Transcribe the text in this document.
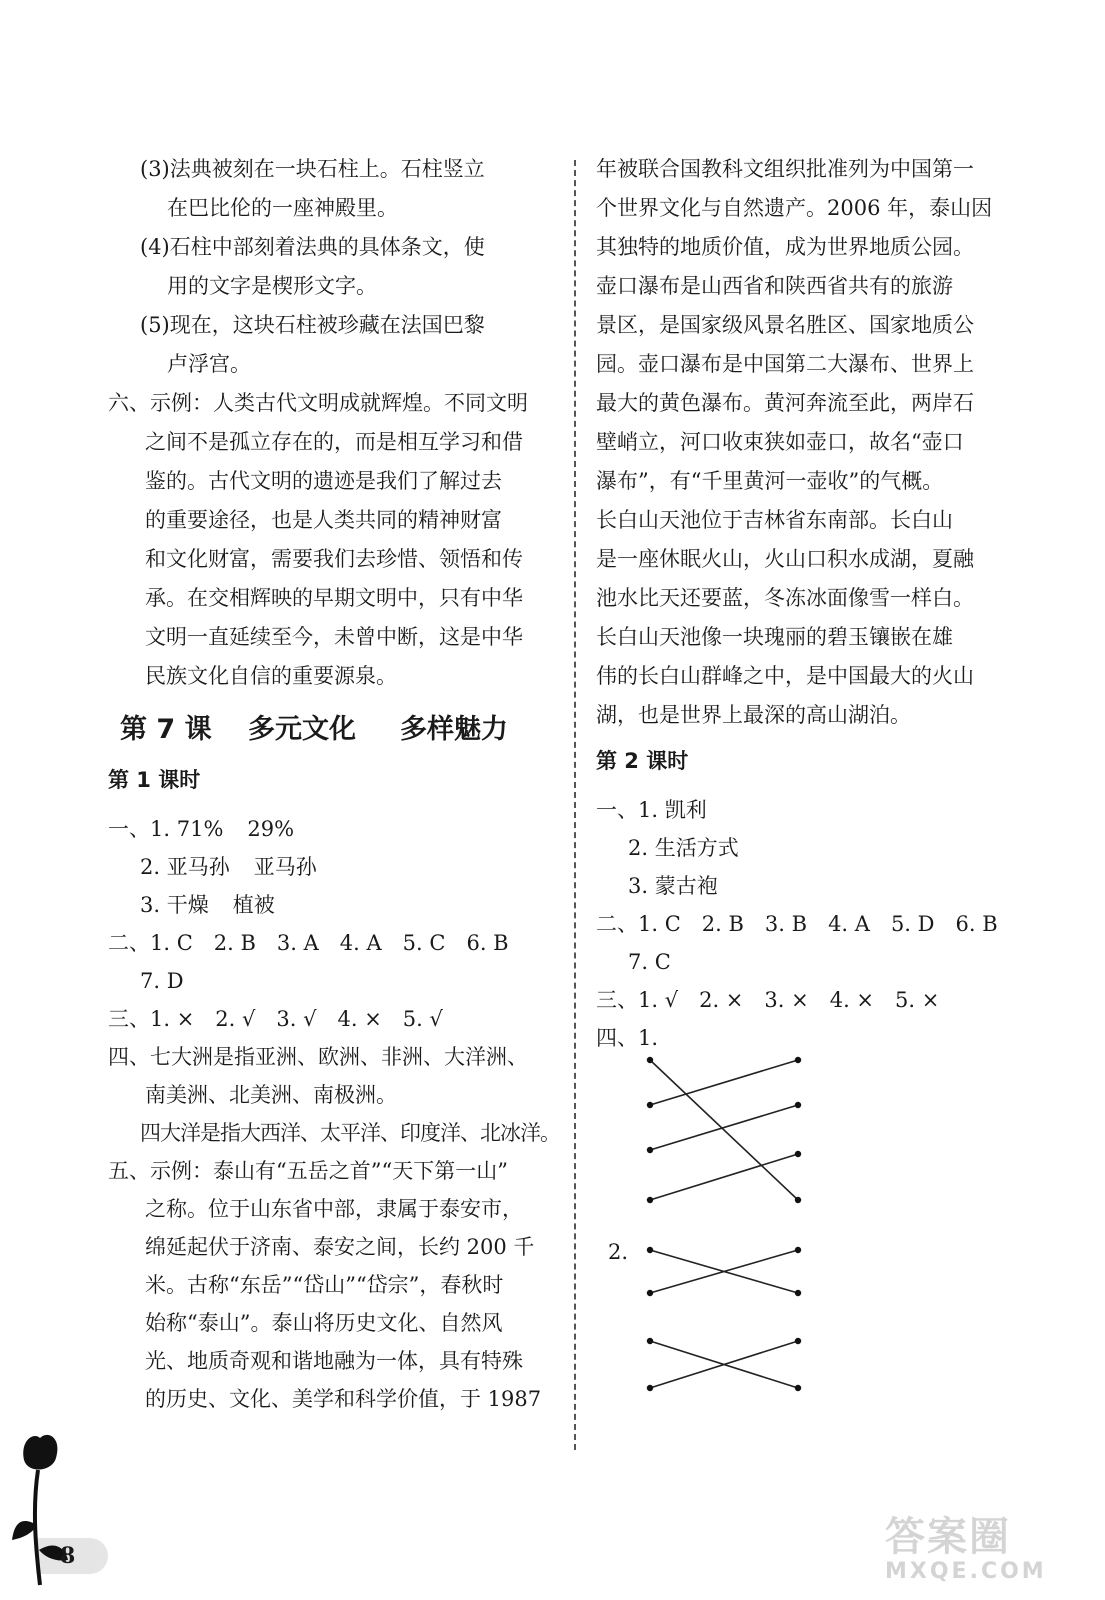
(3)法典被刻在一块石柱上。石柱竖立
在巴比伦的一座神殿里。
(4)石柱中部刻着法典的具体条文，使
用的文字是楔形文字。
(5)现在，这块石柱被珍藏在法国巴黎
卢浮宫。
六、示例：人类古代文明成就辉煌。不同文明
之间不是孤立存在的，而是相互学习和借
鉴的。古代文明的遗迹是我们了解过去
的重要途径，也是人类共同的精神财富
和文化财富，需要我们去珍惜、领悟和传
承。在交相辉映的早期文明中，只有中华
文明一直延续至今，未曾中断，这是中华
民族文化自信的重要源泉。
第 7 课 多元文化 多样魅力
第 1 课时
一、1. 71% 29%
2. 亚马孙 亚马孙
3. 干燥 植被
二、1. C　2. B　3. A　4. A　5. C　6. B
7. D
三、1. ×　2. √　3. √　4. ×　5. √
四、七大洲是指亚洲、欧洲、非洲、大洋洲、
南美洲、北美洲、南极洲。
四大洋是指大西洋、太平洋、印度洋、北冰洋。
五、示例：泰山有“五岳之首”“天下第一山”
之称。位于山东省中部，隶属于泰安市，
绵延起伏于济南、泰安之间，长约 200 千
米。古称“东岳”“岱山”“岱宗”，春秋时
始称“泰山”。泰山将历史文化、自然风
光、地质奇观和谐地融为一体，具有特殊
的历史、文化、美学和科学价值，于 1987
年被联合国教科文组织批准列为中国第一
个世界文化与自然遗产。2006 年，泰山因
其独特的地质价值，成为世界地质公园。
壶口瀑布是山西省和陕西省共有的旅游
景区，是国家级风景名胜区、国家地质公
园。壶口瀑布是中国第二大瀑布、世界上
最大的黄色瀑布。黄河奔流至此，两岸石
壁峭立，河口收束狭如壶口，故名“壶口
瀑布”，有“千里黄河一壶收”的气概。
长白山天池位于吉林省东南部。长白山
是一座休眠火山，火山口积水成湖，夏融
池水比天还要蓝，冬冻冰面像雪一样白。
长白山天池像一块瑰丽的碧玉镶嵌在雄
伟的长白山群峰之中，是中国最大的火山
湖，也是世界上最深的高山湖泊。
第 2 课时
一、1. 凯利
2. 生活方式
3. 蒙古袍
二、1. C　2. B　3. B　4. A　5. D　6. B
7. C
三、1. √　2. ×　3. ×　4. ×　5. ×
四、1.
2.
8	答案圈
MXQE.COM
